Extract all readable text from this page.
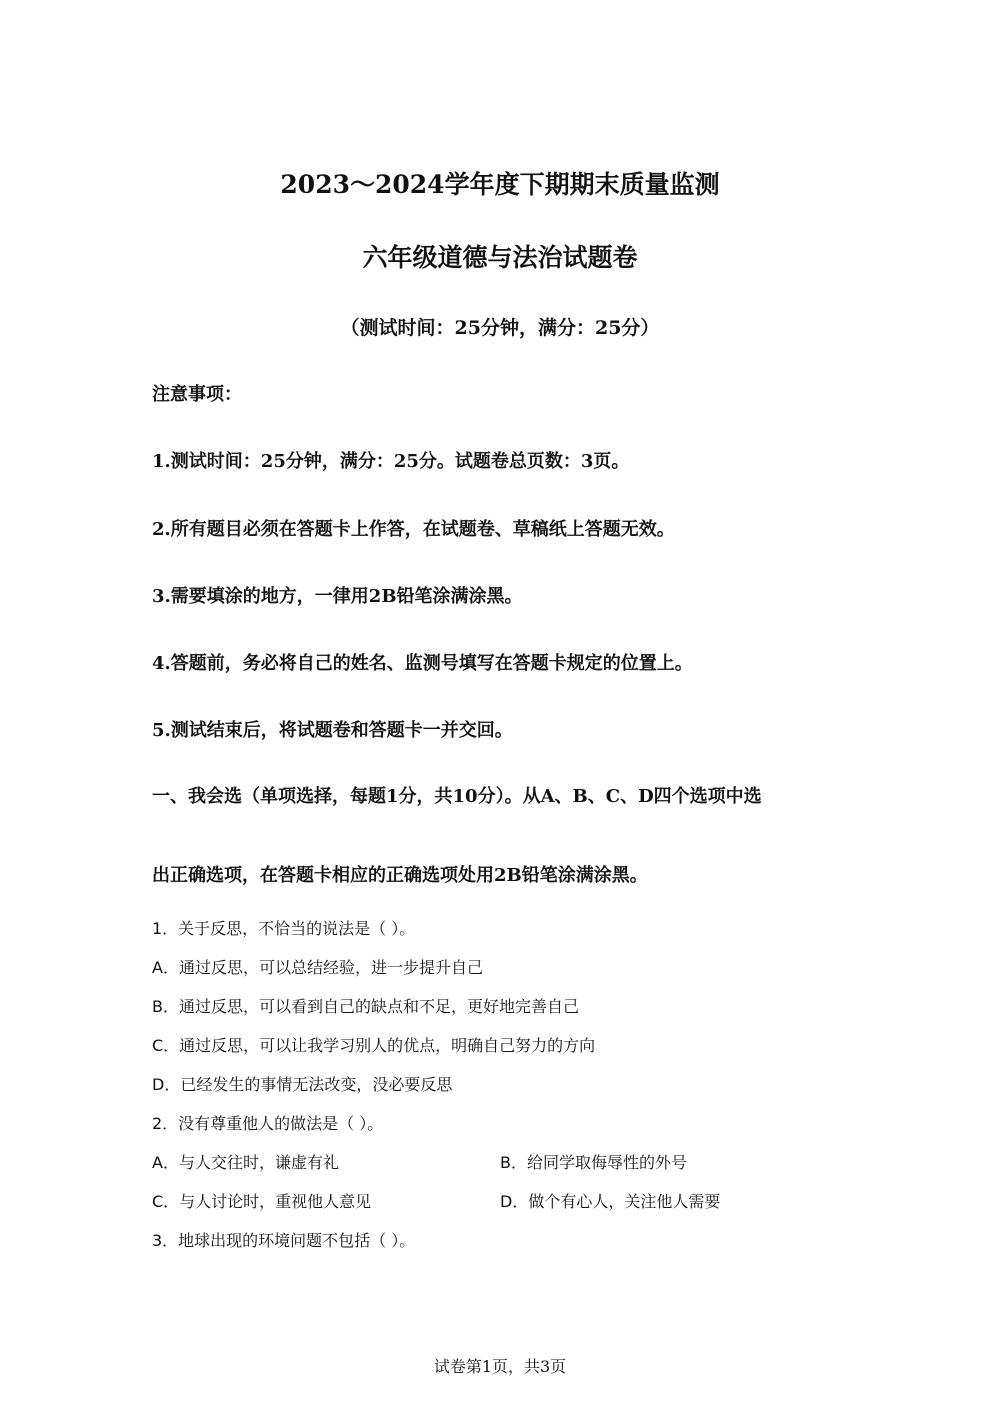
2023～2024学年度下期期末质量监测
六年级道德与法治试题卷
（测试时间：25分钟，满分：25分）
注意事项：
1.测试时间：25分钟，满分：25分。试题卷总页数：3页。
2.所有题目必须在答题卡上作答，在试题卷、草稿纸上答题无效。
3.需要填涂的地方，一律用2B铅笔涂满涂黑。
4.答题前，务必将自己的姓名、监测号填写在答题卡规定的位置上。
5.测试结束后，将试题卷和答题卡一并交回。
一、我会选（单项选择，每题1分，共10分）。从A、B、C、D四个选项中选
出正确选项，在答题卡相应的正确选项处用2B铅笔涂满涂黑。
1．关于反思，不恰当的说法是（ ）。
A．通过反思，可以总结经验，进一步提升自己
B．通过反思，可以看到自己的缺点和不足，更好地完善自己
C．通过反思，可以让我学习别人的优点，明确自己努力的方向
D．已经发生的事情无法改变，没必要反思
2．没有尊重他人的做法是（ ）。
A．与人交往时，谦虚有礼	B．给同学取侮辱性的外号
C．与人讨论时，重视他人意见	D．做个有心人，关注他人需要
3．地球出现的环境问题不包括（ ）。
试卷第1页，共3页
